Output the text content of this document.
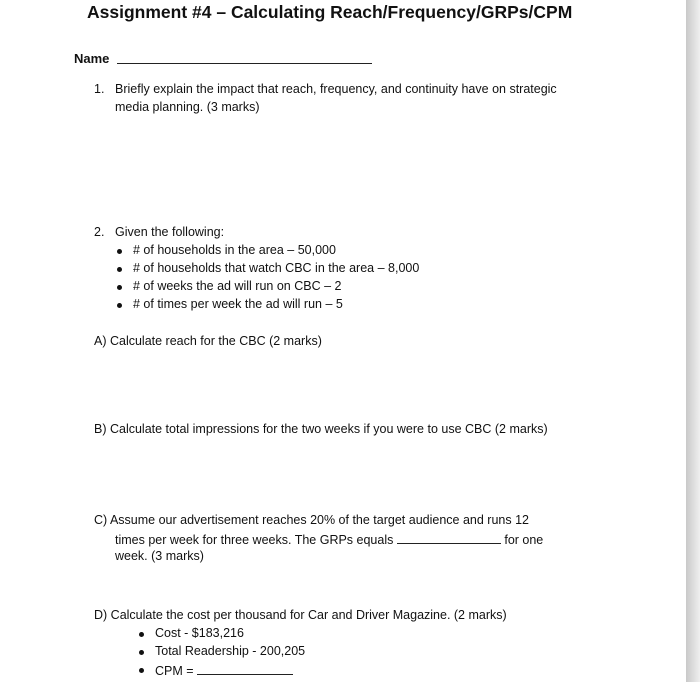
Assignment #4 – Calculating Reach/Frequency/GRPs/CPM
Name
1. Briefly explain the impact that reach, frequency, and continuity have on strategic
media planning. (3 marks)
2. Given the following:
# of households in the area – 50,000
# of households that watch CBC in the area – 8,000
# of weeks the ad will run on CBC – 2
# of times per week the ad will run – 5
A) Calculate reach for the CBC (2 marks)
B) Calculate total impressions for the two weeks if you were to use CBC (2 marks)
C) Assume our advertisement reaches 20% of the target audience and runs 12
times per week for three weeks. The GRPs equals	for one
week. (3 marks)
D) Calculate the cost per thousand for Car and Driver Magazine. (2 marks)
Cost - $183,216
Total Readership - 200,205
CPM =
